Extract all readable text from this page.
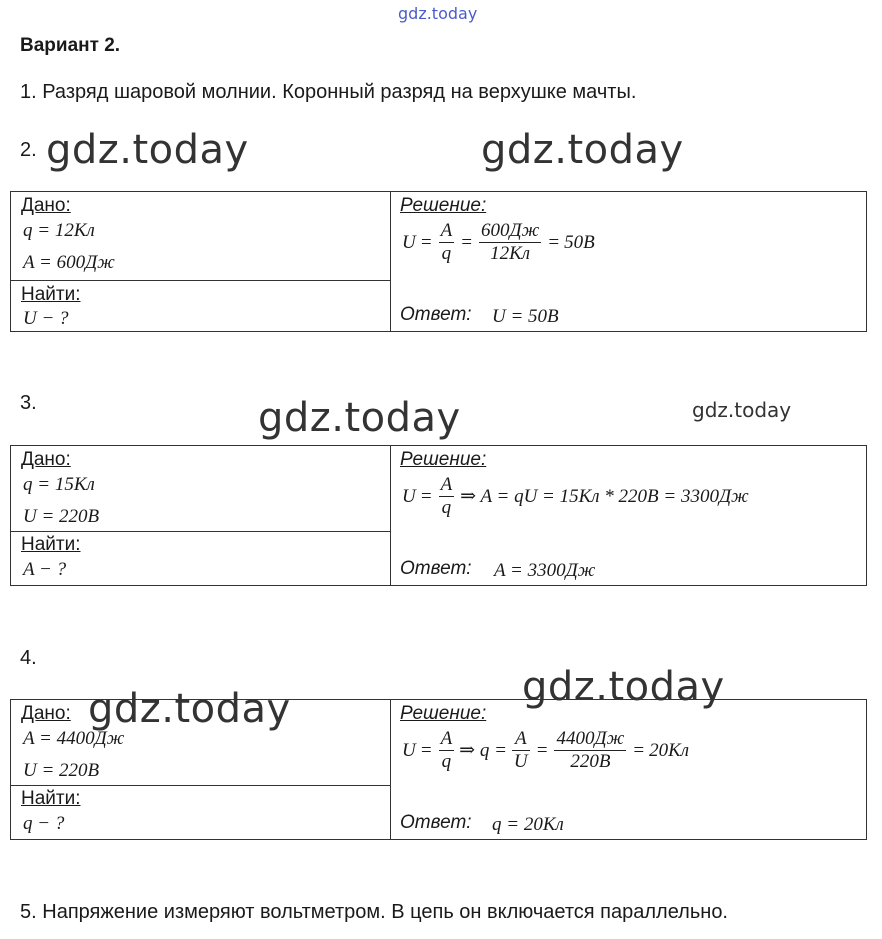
gdz.today
gdz.today	gdz.today
gdz.today	gdz.today
gdz.today
Вариант 2.
1. Разряд шаровой молнии. Коронный разряд на верхушке мачты.
2.
Дано:
q = 12Кл
A = 600Дж
Найти:
U − ?
Решение:
$U = \frac{A}{q} = \frac{600Дж}{12Кл} = 50B$
Ответ: U = 50B
3.
Дано:
q = 15Кл
U = 220B
Найти:
A − ?
Решение:
$U = \frac{A}{q}$ ⇒ A = qU = 15Кл * 220B = 3300Дж
Ответ: A = 3300Дж
4.
gdz.today
Дано:
A = 4400Дж
U = 220B
Найти:
q − ?
Решение:
$U = \frac{A}{q}$ ⇒ $q = \frac{A}{U} = \frac{4400Дж}{220B} = 20Кл$
Ответ: q = 20Кл
5. Напряжение измеряют вольтметром. В цепь он включается параллельно.
